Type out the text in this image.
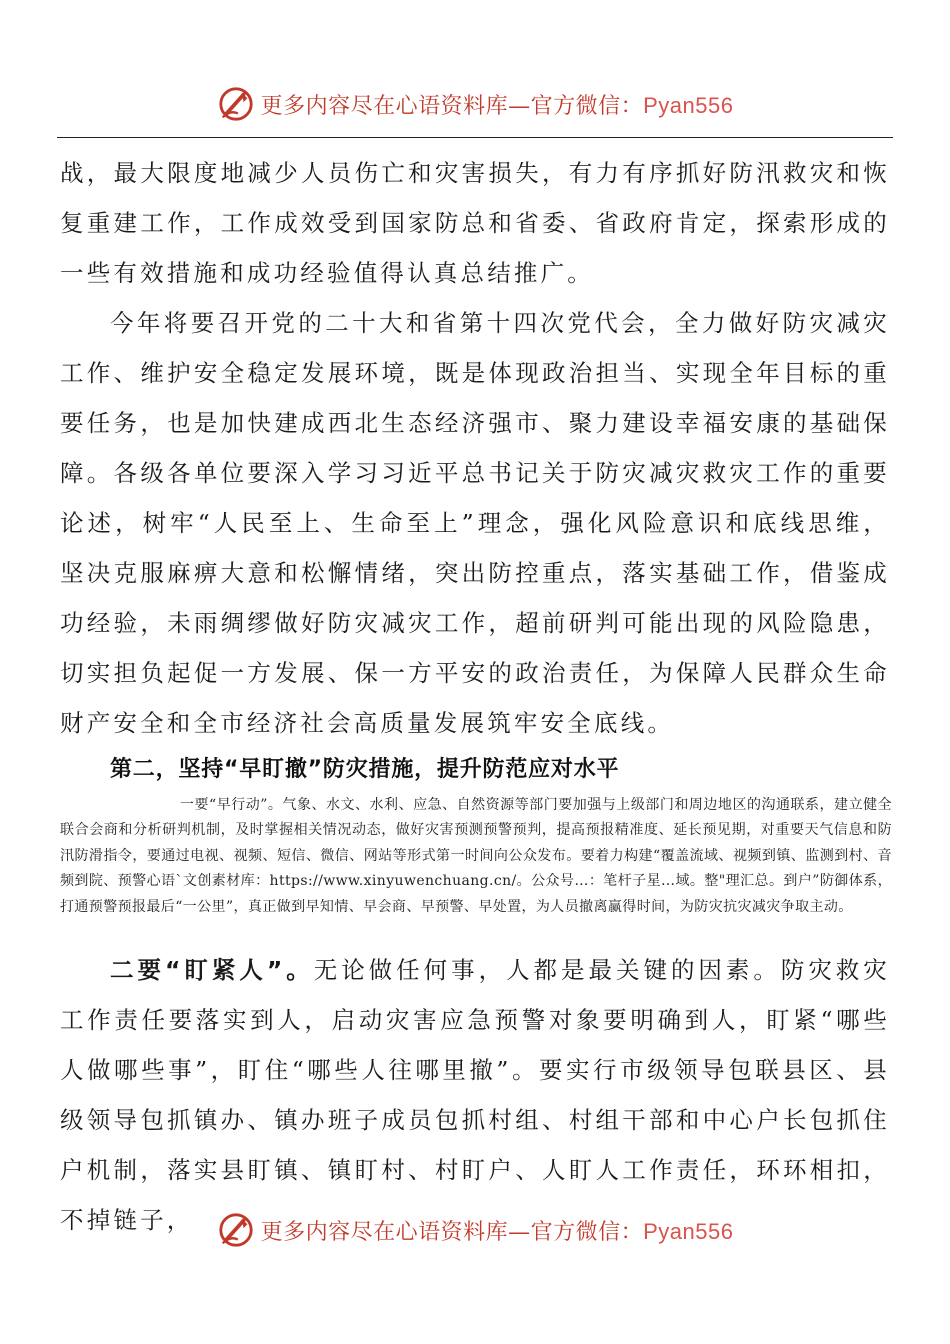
更多内容尽在心语资料库—官方微信：Pyan556

战，最大限度地减少人员伤亡和灾害损失，有力有序抓好防汛救灾和恢复重建工作，工作成效受到国家防总和省委、省政府肯定，探索形成的一些有效措施和成功经验值得认真总结推广。

今年将要召开党的二十大和省第十四次党代会，全力做好防灾减灾工作、维护安全稳定发展环境，既是体现政治担当、实现全年目标的重要任务，也是加快建成西北生态经济强市、聚力建设幸福安康的基础保障。各级各单位要深入学习习近平总书记关于防灾减灾救灾工作的重要论述，树牢“人民至上、生命至上”理念，强化风险意识和底线思维，坚决克服麻痹大意和松懈情绪，突出防控重点，落实基础工作，借鉴成功经验，未雨绸缪做好防灾减灾工作，超前研判可能出现的风险隐患，切实担负起促一方发展、保一方平安的政治责任，为保障人民群众生命财产安全和全市经济社会高质量发展筑牢安全底线。

第二，坚持“早盯撤”防灾措施，提升防范应对水平

一要“早行动”。气象、水文、水利、应急、自然资源等部门要加强与上级部门和周边地区的沟通联系，建立健全联合会商和分析研判机制，及时掌握相关情况动态，做好灾害预测预警预判，提高预报精准度、延长预见期，对重要天气信息和防汛防滑指令，要通过电视、视频、短信、微信、网站等形式第一时间向公众发布。要着力构建“覆盖流域、视频到镇、监测到村、音频到院、预警心语`文创素材库：https://www.xinyuwenchuang.cn/。公众号…：笔杆子星…域。整"理汇总。到户”防御体系，打通预警预报最后“一公里”，真正做到早知情、早会商、早预警、早处置，为人员撤离赢得时间，为防灾抗灾减灾争取主动。

二要“盯紧人”。无论做任何事，人都是最关键的因素。防灾救灾工作责任要落实到人，启动灾害应急预警对象要明确到人，盯紧“哪些人做哪些事”，盯住“哪些人往哪里撤”。要实行市级领导包联县区、县级领导包抓镇办、镇办班子成员包抓村组、村组干部和中心户长包抓住户机制，落实县盯镇、镇盯村、村盯户、人盯人工作责任，环环相扣，不掉链子，	更多内容尽在心语资料库—官方微信：Pyan556
